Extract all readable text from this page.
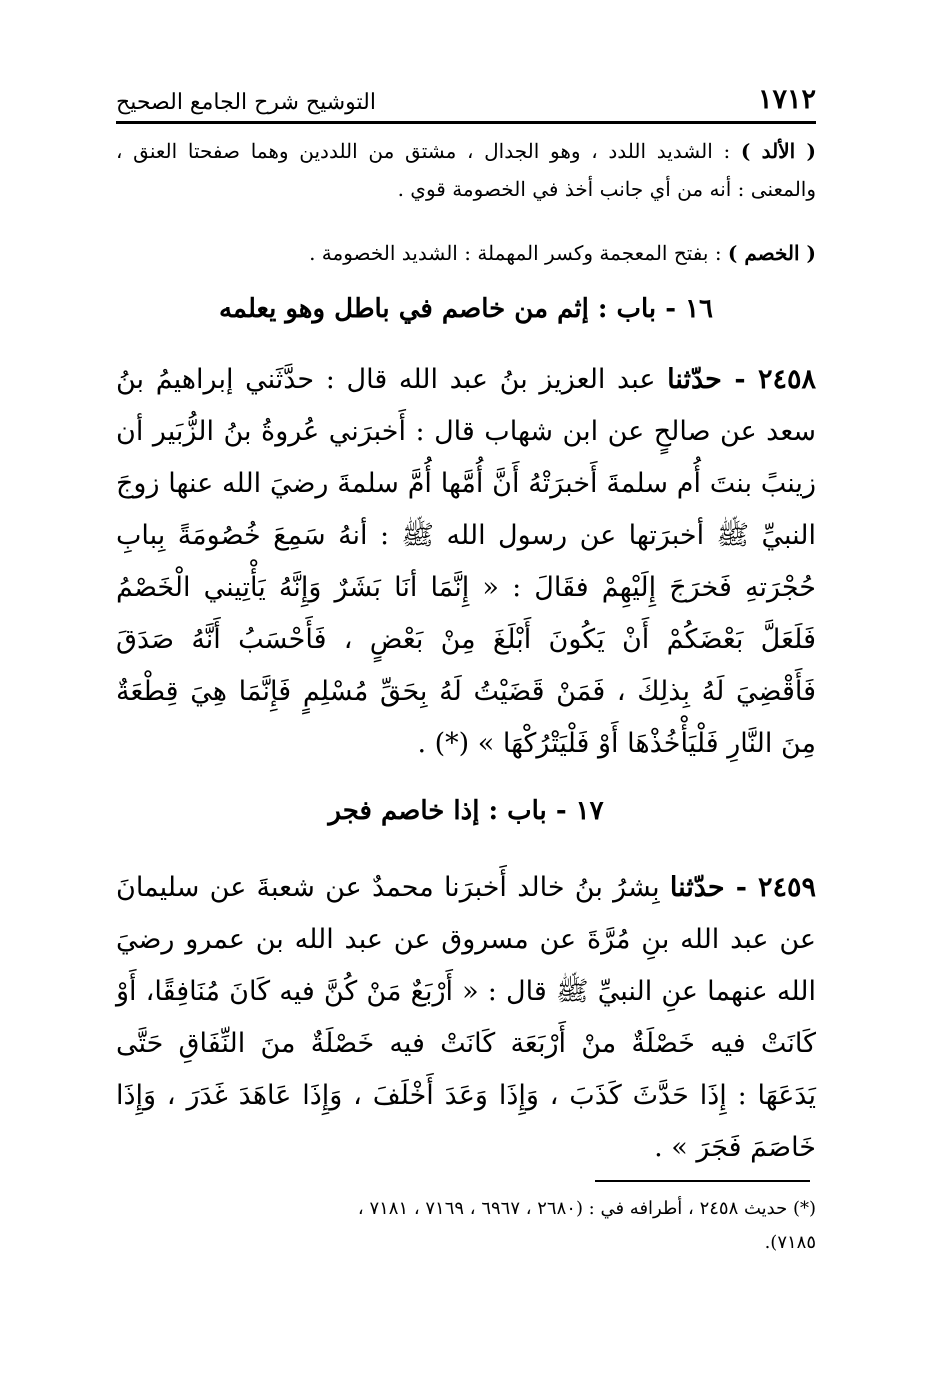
١٧١٢
التوشيح شرح الجامع الصحيح
( الألد ) : الشديد اللدد ، وهو الجدال ، مشتق من اللددين وهما صفحتا العنق ، والمعنى : أنه من أي جانب أخذ في الخصومة قوي .
( الخصم ) : بفتح المعجمة وكسر المهملة : الشديد الخصومة .
١٦ - باب : إثم من خاصم في باطل وهو يعلمه
٢٤٥٨ - حدّثنا عبد العزيز بنُ عبد الله قال : حدَّثَني إبراهيمُ بنُ سعد عن صالحٍ عن ابن شهاب قال : أَخبرَني عُروةُ بنُ الزُّبَير أن زينبً بنتَ أُم سلمةَ أَخبرَتْهُ أَنَّ أُمَّها أُمَّ سلمةَ رضيَ الله عنها زوجَ النبيِّ ﷺ أخبرَتها عن رسول الله ﷺ : أنهُ سَمِعَ خُصُومَةً بِبابِ حُجْرَتهِ فَخرَجَ إِلَيْهِمْ فقَالَ : « إِنَّمَا أنَا بَشَرٌ وَإِنَّهُ يَأْتِيني الْخَصْمُ فَلَعَلَّ بَعْضَكُمْ أَنْ يَكُونَ أَبْلَغَ مِنْ بَعْضٍ ، فَأَحْسَبُ أَنَّهُ صَدَقَ فَأَقْضِيَ لَهُ بِذلِكَ ، فَمَنْ قَضَيْتُ لَهُ بِحَقِّ مُسْلِمٍ فَإِنَّمَا هِيَ قِطْعَةٌ مِنَ النَّارِ فَلْيَأْخُذْهَا أَوْ فَلْيَتْرُكْهَا » (*) .
١٧ - باب : إذا خاصم فجر
٢٤٥٩ - حدّثنا بِشرُ بنُ خالد أَخبرَنا محمدٌ عن شعبةَ عن سليمانَ عن عبد الله بنِ مُرَّةَ عن مسروق عن عبد الله بن عمرو رضيَ الله عنهما عنِ النبيِّ ﷺ قال : « أَرْبَعٌ مَنْ كُنَّ فيه كَانَ مُنَافِقًا، أَوْ كَانَتْ فيه خَصْلَةٌ منْ أَرْبَعَة كَانَتْ فيه خَصْلَةٌ منَ النِّفَاقِ حَتَّى يَدَعَهَا : إِذَا حَدَّثَ كَذَبَ ، وَإِذَا وَعَدَ أَخْلَفَ ، وَإِذَا عَاهَدَ غَدَرَ ، وَإِذَا خَاصَمَ فَجَرَ » .
(*) حديث ٢٤٥٨ ، أطرافه في : (٢٦٨٠ ، ٦٩٦٧ ، ٧١٦٩ ، ٧١٨١ ،
٧١٨٥).
